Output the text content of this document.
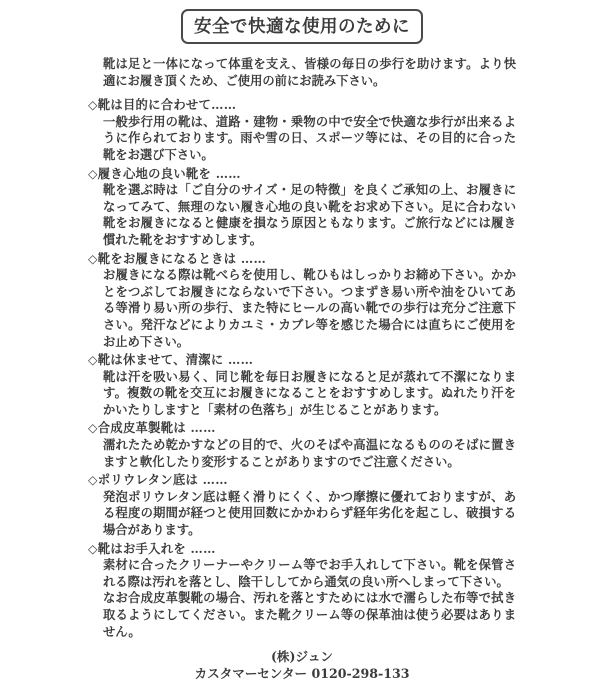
安全で快適な使用のために

靴は足と一体になって体重を支え、皆様の毎日の歩行を助けます。より快適にお履き頂くため、ご使用の前にお読み下さい。

◇靴は目的に合わせて……

一般歩行用の靴は、道路・建物・乗物の中で安全で快適な歩行が出来るように作られております。雨や雪の日、スポーツ等には、その目的に合った靴をお選び下さい。

◇履き心地の良い靴を ……

靴を選ぶ時は「ご自分のサイズ・足の特徴」を良くご承知の上、お履きになってみて、無理のない履き心地の良い靴をお求め下さい。足に合わない靴をお履きになると健康を損なう原因ともなります。ご旅行などには履き慣れた靴をおすすめします。

◇靴をお履きになるときは ……

お履きになる際は靴べらを使用し、靴ひもはしっかりお締め下さい。かかとをつぶしてお履きにならないで下さい。つまずき易い所や油をひいてある等滑り易い所の歩行、また特にヒールの高い靴での歩行は充分ご注意下さい。発汗などによりカユミ・カブレ等を感じた場合には直ちにご使用をお止め下さい。

◇靴は休ませて、清潔に ……

靴は汗を吸い易く、同じ靴を毎日お履きになると足が蒸れて不潔になります。複数の靴を交互にお履きになることをおすすめします。ぬれたり汗をかいたりしますと「素材の色落ち」が生じることがあります。

◇合成皮革製靴は ……

濡れたため乾かすなどの目的で、火のそばや高温になるもののそばに置きますと軟化したり変形することがありますのでご注意ください。

◇ポリウレタン底は ……

発泡ポリウレタン底は軽く滑りにくく、かつ摩擦に優れておりますが、ある程度の期間が経つと使用回数にかかわらず経年劣化を起こし、破損する場合があります。

◇靴はお手入れを ……

素材に合ったクリーナーやクリーム等でお手入れして下さい。靴を保管される際は汚れを落とし、陰干ししてから通気の良い所へしまって下さい。

なお合成皮革製靴の場合、汚れを落とすためには水で濡らした布等で拭き取るようにしてください。また靴クリーム等の保革油は使う必要はありません。

(株)ジュン
カスタマーセンター 0120-298-133
